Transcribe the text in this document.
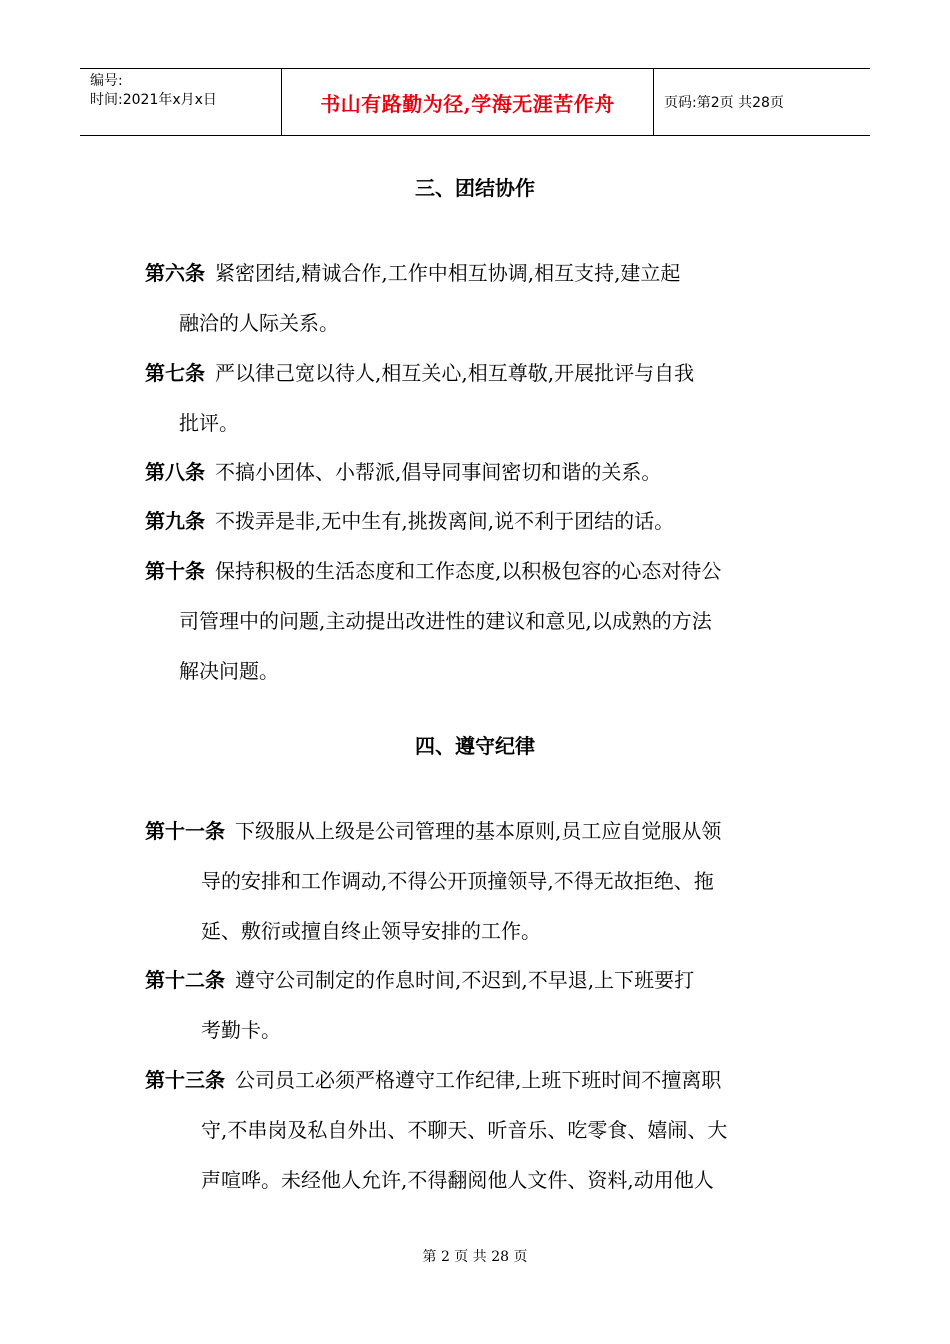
编号:
时间:2021年x月x日	书山有路勤为径,学海无涯苦作舟	页码:第2页 共28页
三、团结协作
第六条 紧密团结,精诚合作,工作中相互协调,相互支持,建立起
融洽的人际关系。
第七条 严以律己宽以待人,相互关心,相互尊敬,开展批评与自我
批评。
第八条 不搞小团体、小帮派,倡导同事间密切和谐的关系。
第九条 不拨弄是非,无中生有,挑拨离间,说不利于团结的话。
第十条 保持积极的生活态度和工作态度,以积极包容的心态对待公
司管理中的问题,主动提出改进性的建议和意见,以成熟的方法
解决问题。
四、遵守纪律
第十一条 下级服从上级是公司管理的基本原则,员工应自觉服从领
导的安排和工作调动,不得公开顶撞领导,不得无故拒绝、拖
延、敷衍或擅自终止领导安排的工作。
第十二条 遵守公司制定的作息时间,不迟到,不早退,上下班要打
考勤卡。
第十三条 公司员工必须严格遵守工作纪律,上班下班时间不擅离职
守,不串岗及私自外出、不聊天、听音乐、吃零食、嬉闹、大
声喧哗。未经他人允许,不得翻阅他人文件、资料,动用他人
第 2 页 共 28 页
